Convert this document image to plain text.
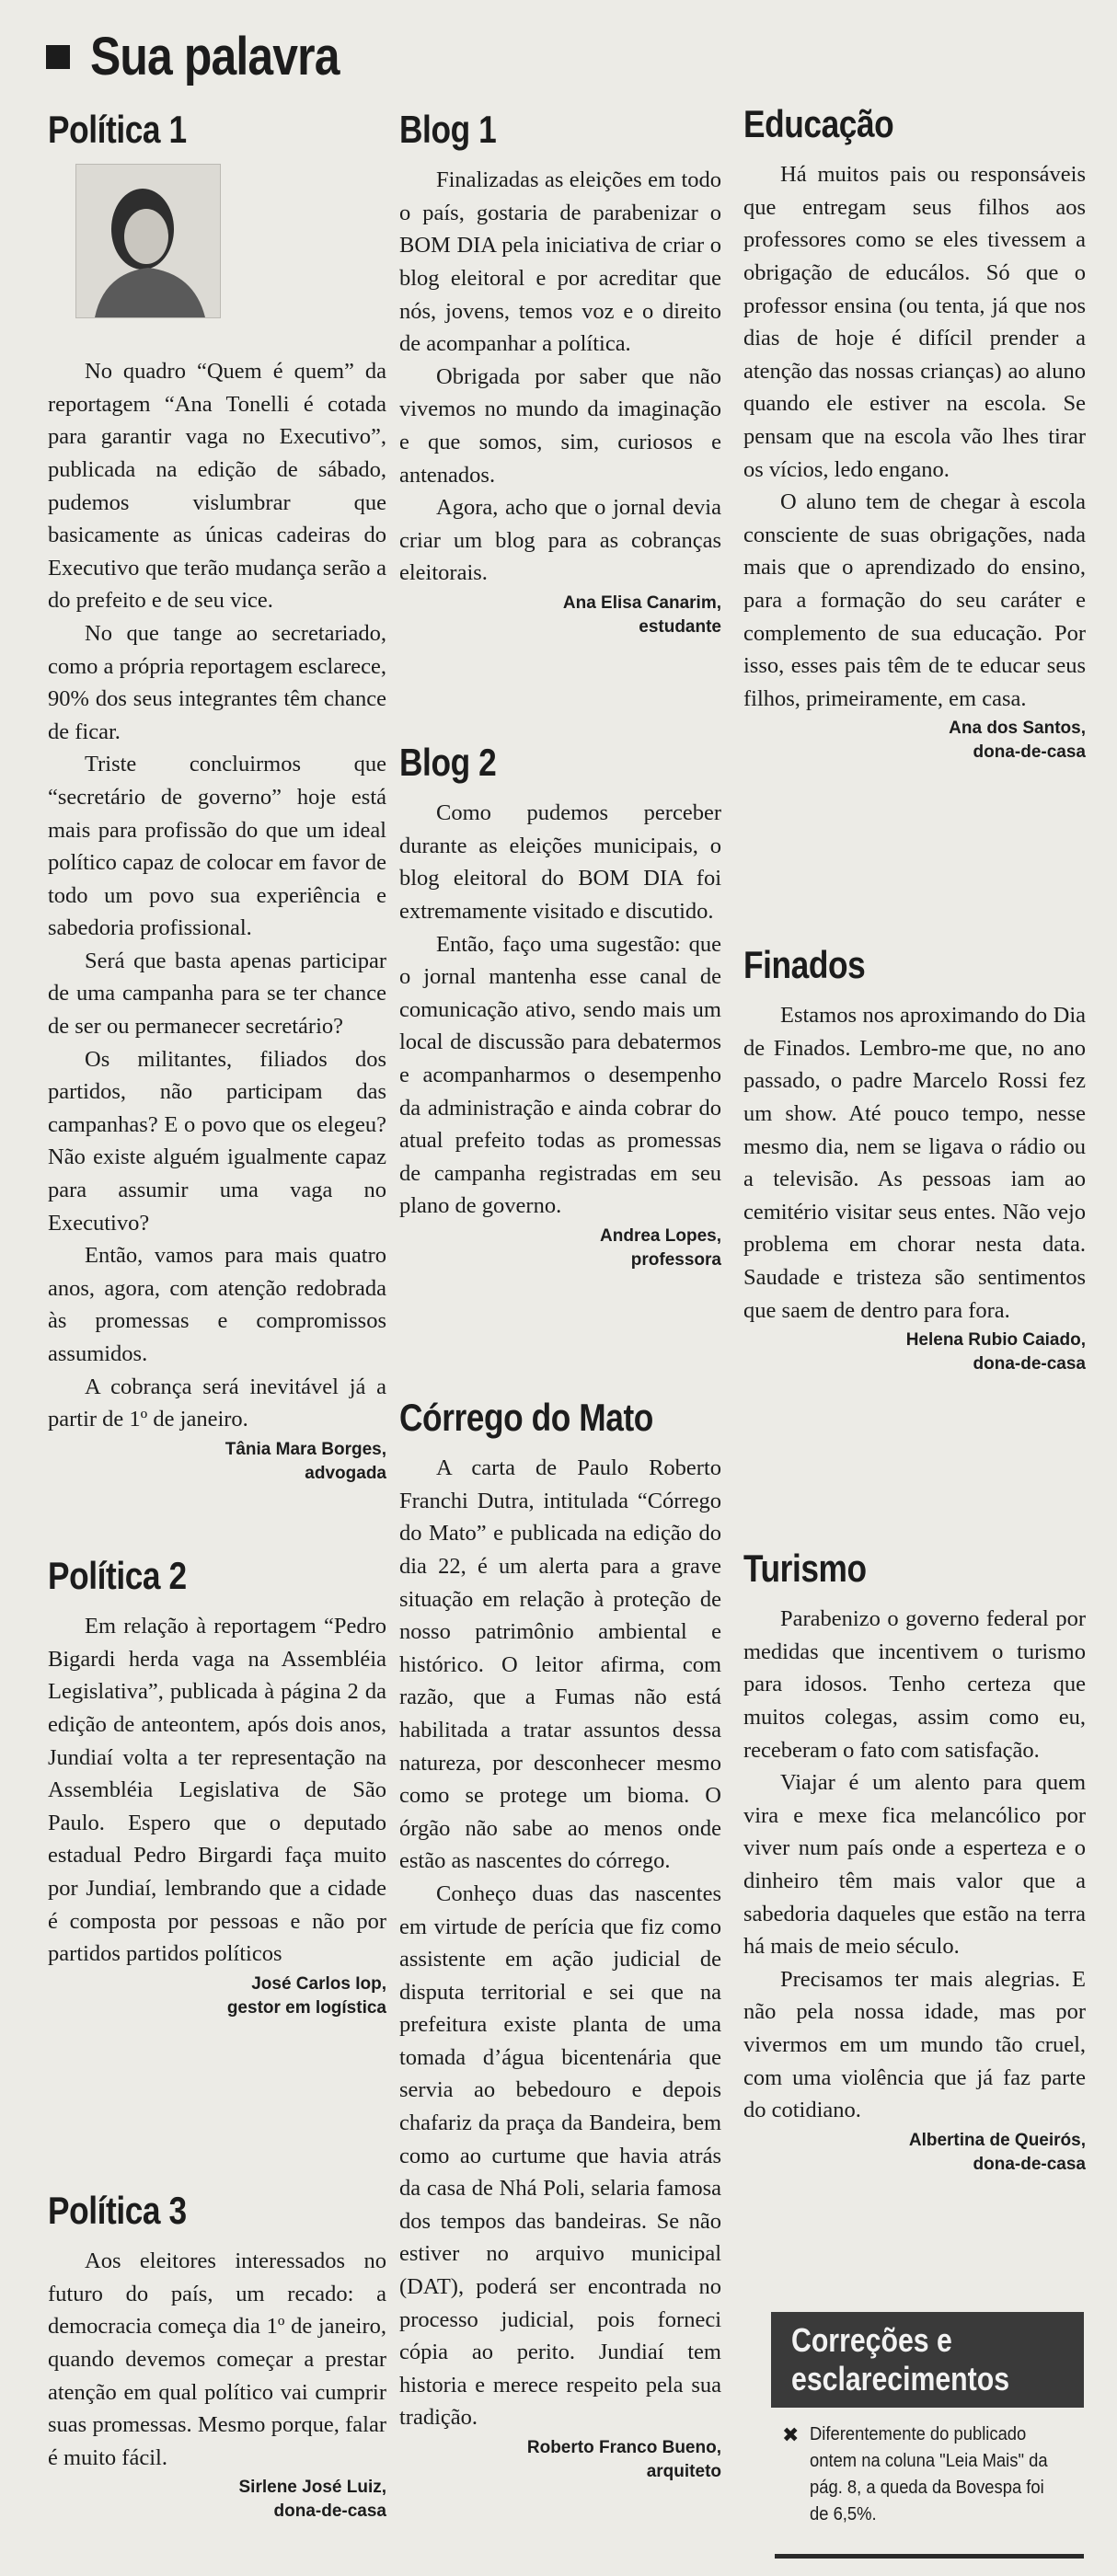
Sua palavra
Política 1

No quadro “Quem é quem” da reportagem “Ana Tonelli é cotada para garantir vaga no Executivo”, publicada na edição de sábado, pudemos vislumbrar que basicamente as únicas cadeiras do Executivo que terão mudança serão a do prefeito e de seu vice.

No que tange ao secretariado, como a própria reportagem esclarece, 90% dos seus integrantes têm chance de ficar.

Triste concluirmos que “secretário de governo” hoje está mais para profissão do que um ideal político capaz de colocar em favor de todo um povo sua experiência e sabedoria profissional.

Será que basta apenas participar de uma campanha para se ter chance de ser ou permanecer secretário?

Os militantes, filiados dos partidos, não participam das campanhas? E o povo que os elegeu? Não existe alguém igualmente capaz para assumir uma vaga no Executivo?

Então, vamos para mais quatro anos, agora, com atenção redobrada às promessas e compromissos assumidos.

A cobrança será inevitável já a partir de 1º de janeiro.

Tânia Mara Borges,
advogada
Política 2

Em relação à reportagem “Pedro Bigardi herda vaga na Assembléia Legislativa”, publicada à página 2 da edição de anteontem, após dois anos, Jundiaí volta a ter representação na Assembléia Legislativa de São Paulo. Espero que o deputado estadual Pedro Birgardi faça muito por Jundiaí, lembrando que a cidade é composta por pessoas e não por partidos partidos políticos

José Carlos Iop,
gestor em logística
Política 3

Aos eleitores interessados no futuro do país, um recado: a democracia começa dia 1º de janeiro, quando devemos começar a prestar atenção em qual político vai cumprir suas promessas. Mesmo porque, falar é muito fácil.

Sirlene José Luiz,
dona-de-casa
Blog 1

Finalizadas as eleições em todo o país, gostaria de parabenizar o BOM DIA pela iniciativa de criar o blog eleitoral e por acreditar que nós, jovens, temos voz e o direito de acompanhar a política.

Obrigada por saber que não vivemos no mundo da imaginação e que somos, sim, curiosos e antenados.

Agora, acho que o jornal devia criar um blog para as cobranças eleitorais.

Ana Elisa Canarim,
estudante
Blog 2

Como pudemos perceber durante as eleições municipais, o blog eleitoral do BOM DIA foi extremamente visitado e discutido.

Então, faço uma sugestão: que o jornal mantenha esse canal de comunicação ativo, sendo mais um local de discussão para debatermos e acompanharmos o desempenho da administração e ainda cobrar do atual prefeito todas as promessas de campanha registradas em seu plano de governo.

Andrea Lopes,
professora
Córrego do Mato

A carta de Paulo Roberto Franchi Dutra, intitulada “Córrego do Mato” e publicada na edição do dia 22, é um alerta para a grave situação em relação à proteção de nosso patrimônio ambiental e histórico. O leitor afirma, com razão, que a Fumas não está habilitada a tratar assuntos dessa natureza, por desconhecer mesmo como se protege um bioma. O órgão não sabe ao menos onde estão as nascentes do córrego.

Conheço duas das nascentes em virtude de perícia que fiz como assistente em ação judicial de disputa territorial e sei que na prefeitura existe planta de uma tomada d’água bicentenária que servia ao bebedouro e depois chafariz da praça da Bandeira, bem como ao curtume que havia atrás da casa de Nhá Poli, selaria famosa dos tempos das bandeiras. Se não estiver no arquivo municipal (DAT), poderá ser encontrada no processo judicial, pois forneci cópia ao perito. Jundiaí tem historia e merece respeito pela sua tradição.

Roberto Franco Bueno,
arquiteto
Educação

Há muitos pais ou responsáveis que entregam seus filhos aos professores como se eles tivessem a obrigação de educálos. Só que o professor ensina (ou tenta, já que nos dias de hoje é difícil prender a atenção das nossas crianças) ao aluno quando ele estiver na escola. Se pensam que na escola vão lhes tirar os vícios, ledo engano.

O aluno tem de chegar à escola consciente de suas obrigações, nada mais que o aprendizado do ensino, para a formação do seu caráter e complemento de sua educação. Por isso, esses pais têm de te educar seus filhos, primeiramente, em casa.

Ana dos Santos,
dona-de-casa
Finados

Estamos nos aproximando do Dia de Finados. Lembro-me que, no ano passado, o padre Marcelo Rossi fez um show. Até pouco tempo, nesse mesmo dia, nem se ligava o rádio ou a televisão. As pessoas iam ao cemitério visitar seus entes. Não vejo problema em chorar nesta data. Saudade e tristeza são sentimentos que saem de dentro para fora.

Helena Rubio Caiado,
dona-de-casa
Turismo

Parabenizo o governo federal por medidas que incentivem o turismo para idosos. Tenho certeza que muitos colegas, assim como eu, receberam o fato com satisfação.

Viajar é um alento para quem vira e mexe fica melancólico por viver num país onde a esperteza e o dinheiro têm mais valor que a sabedoria daqueles que estão na terra há mais de meio século.

Precisamos ter mais alegrias. E não pela nossa idade, mas por vivermos em um mundo tão cruel, com uma violência que já faz parte do cotidiano.

Albertina de Queirós,
dona-de-casa
Correções e
esclarecimentos
✖ Diferentemente do publicado ontem na coluna "Leia Mais" da pág. 8, a queda da Bovespa foi de 6,5%.
